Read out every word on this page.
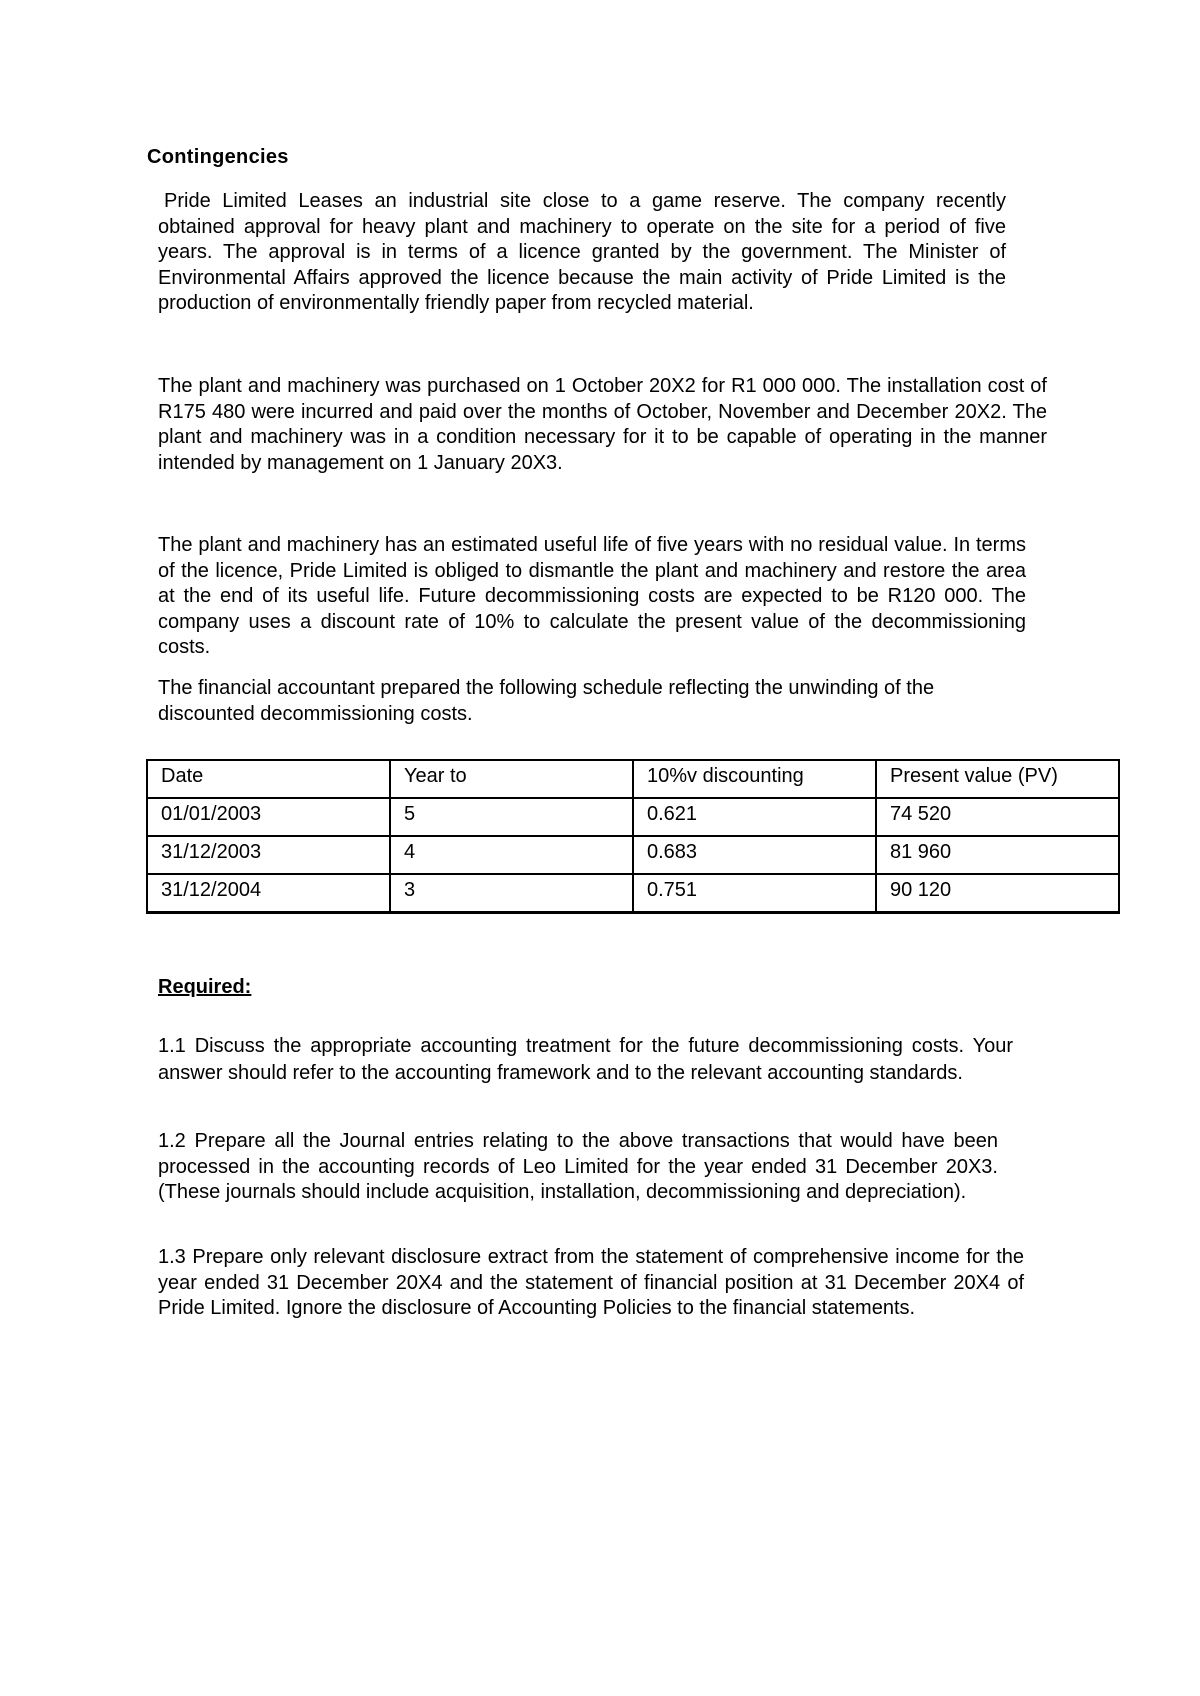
Contingencies

Pride Limited Leases an industrial site close to a game reserve. The company recently obtained approval for heavy plant and machinery to operate on the site for a period of five years. The approval is in terms of a licence granted by the government. The Minister of Environmental Affairs approved the licence because the main activity of Pride Limited is the production of environmentally friendly paper from recycled material.

The plant and machinery was purchased on 1 October 20X2 for R1 000 000. The installation cost of R175 480 were incurred and paid over the months of October, November and December 20X2. The plant and machinery was in a condition necessary for it to be capable of operating in the manner intended by management on 1 January 20X3.

The plant and machinery has an estimated useful life of five years with no residual value. In terms of the licence, Pride Limited is obliged to dismantle the plant and machinery and restore the area at the end of its useful life. Future decommissioning costs are expected to be R120 000. The company uses a discount rate of 10% to calculate the present value of the decommissioning costs.

The financial accountant prepared the following schedule reflecting the unwinding of the discounted decommissioning costs.

Date	Year to	10%v discounting	Present value (PV)
01/01/2003	5	0.621	74 520
31/12/2003	4	0.683	81 960
31/12/2004	3	0.751	90 120
Required:

1.1 Discuss the appropriate accounting treatment for the future decommissioning costs. Your answer should refer to the accounting framework and to the relevant accounting standards.

1.2 Prepare all the Journal entries relating to the above transactions that would have been processed in the accounting records of Leo Limited for the year ended 31 December 20X3. (These journals should include acquisition, installation, decommissioning and depreciation).

1.3 Prepare only relevant disclosure extract from the statement of comprehensive income for the year ended 31 December 20X4 and the statement of financial position at 31 December 20X4 of Pride Limited. Ignore the disclosure of Accounting Policies to the financial statements.
